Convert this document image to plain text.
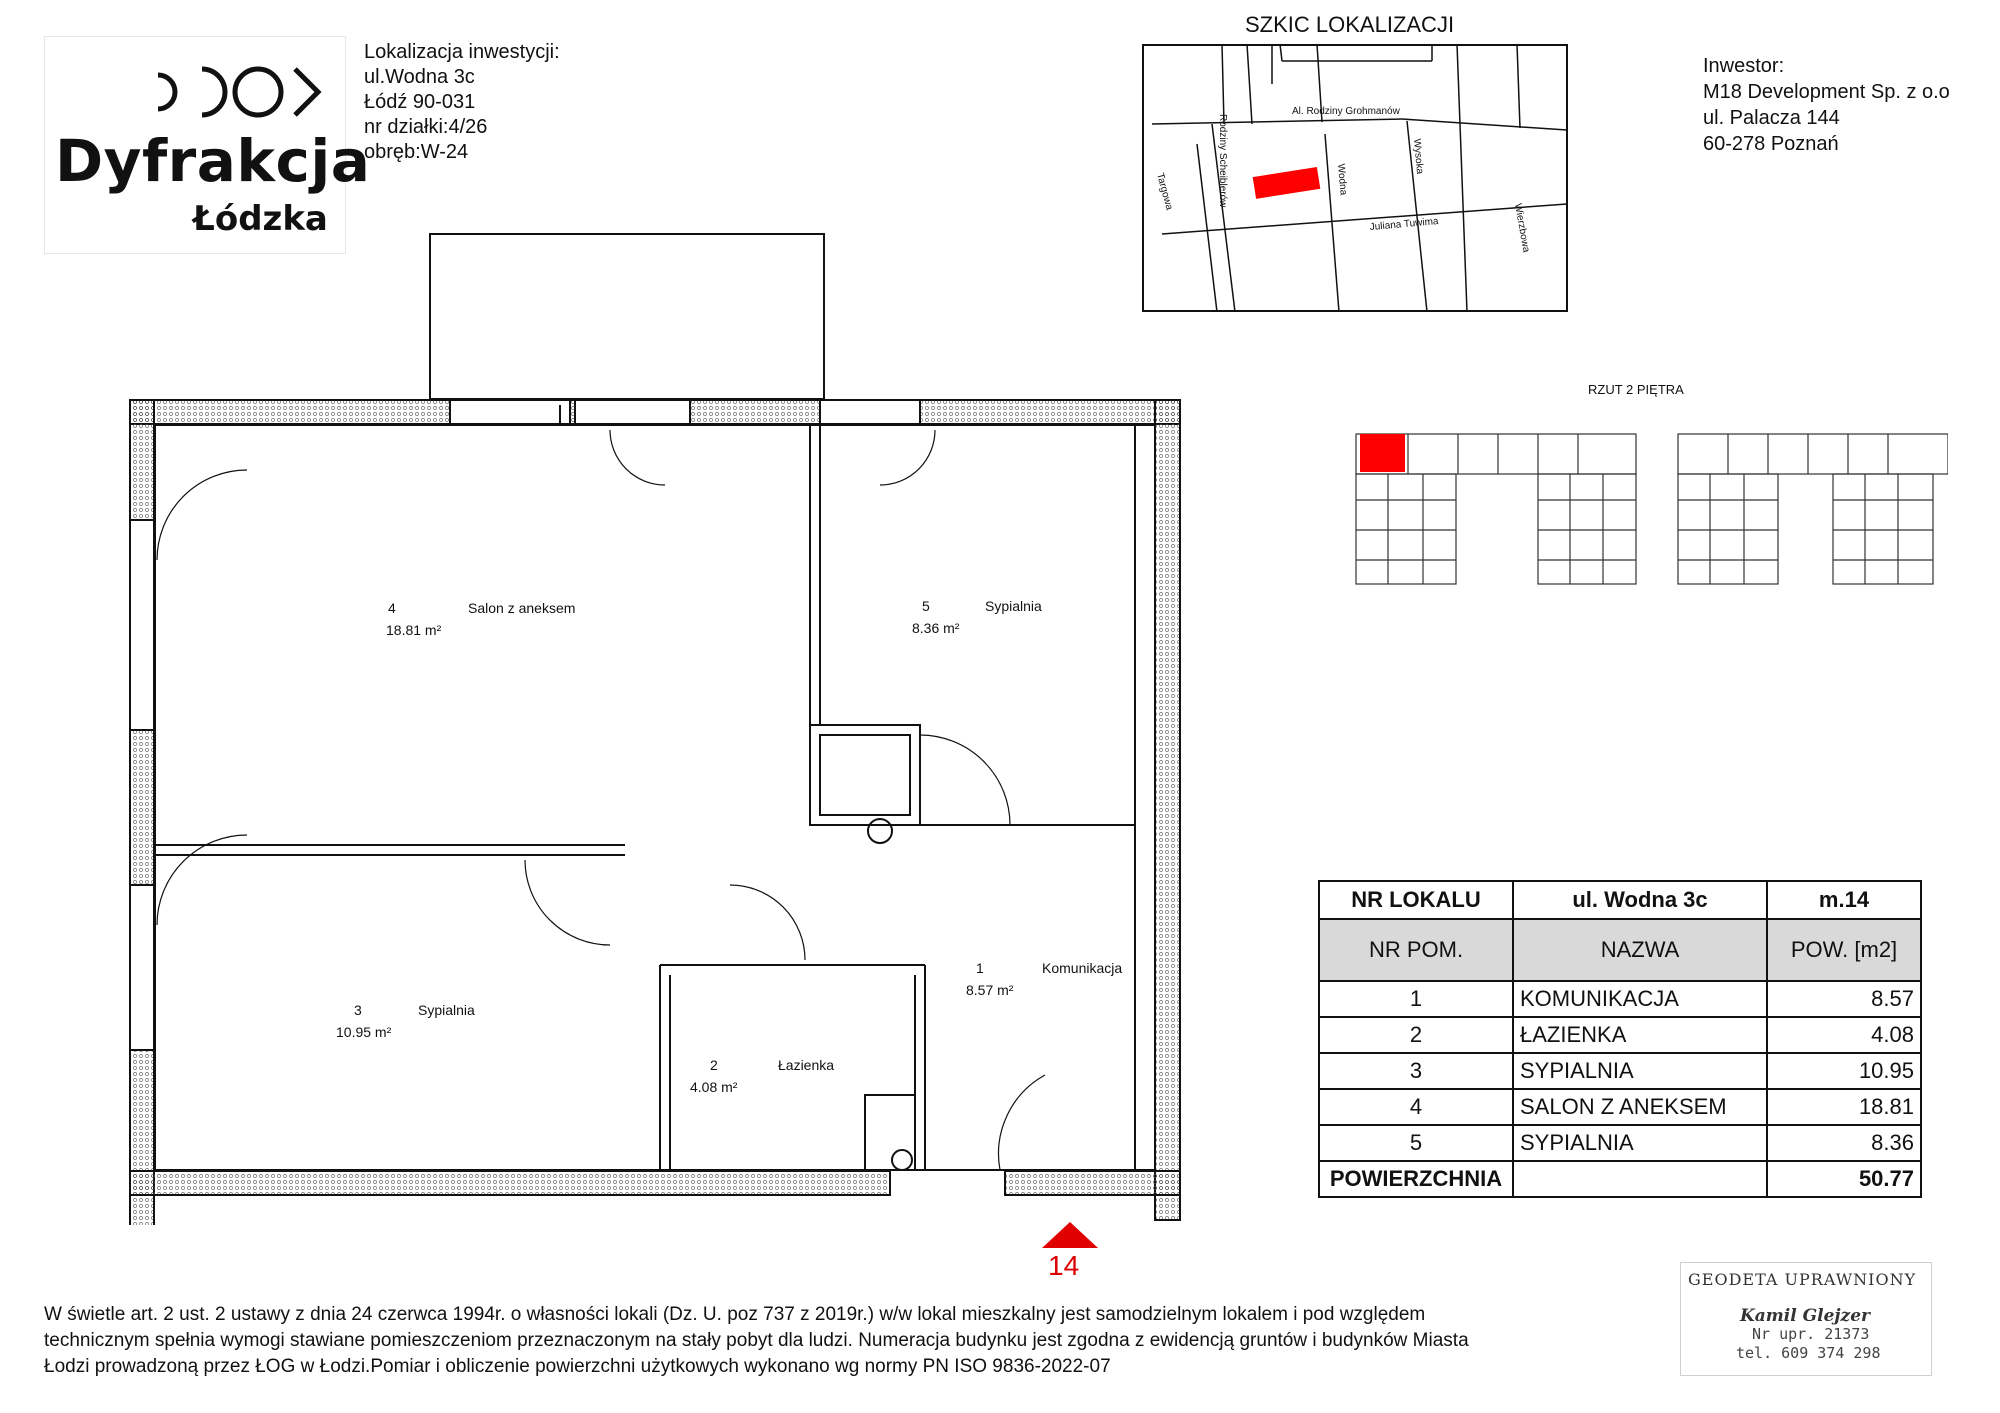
Dyfrakcja
Łódzka
Lokalizacja inwestycji:
ul.Wodna 3c
Łódź 90-031
nr działki:4/26
obręb:W-24
Inwestor:
M18 Development Sp. z o.o
ul. Palacza 144
60-278 Poznań
SZKIC LOKALIZACJI
Al. Rodziny Grohmanów
Rodziny Scheiblerów
Targowa	Wodna
Wysoka
Juliana Tuwima	Wierzbowa
RZUT 2 PIĘTRA
4	Salon z aneksem
18.81 m²
5	Sypialnia
8.36 m²
3	Sypialnia
10.95 m²
1	Komunikacja
8.57 m²
2	Łazienka
4.08 m²
14
NR LOKALU	ul. Wodna 3c	m.14
NR POM.	NAZWA	POW. [m2]
1	KOMUNIKACJA	8.57
2	ŁAZIENKA	4.08
3	SYPIALNIA	10.95
4	SALON Z ANEKSEM	18.81
5	SYPIALNIA	8.36
POWIERZCHNIA		50.77
W świetle art. 2 ust. 2 ustawy z dnia 24 czerwca 1994r. o własności lokali (Dz. U. poz 737 z 2019r.) w/w lokal mieszkalny jest samodzielnym lokalem i pod względem
technicznym spełnia wymogi stawiane pomieszczeniom przeznaczonym na stały pobyt dla ludzi. Numeracja budynku jest zgodna z ewidencją gruntów i budynków Miasta
Łodzi prowadzoną przez ŁOG w Łodzi.Pomiar i obliczenie powierzchni użytkowych wykonano wg normy PN ISO 9836-2022-07
GEODETA UPRAWNIONY
Kamil Glejzer
Nr upr. 21373
tel. 609 374 298
